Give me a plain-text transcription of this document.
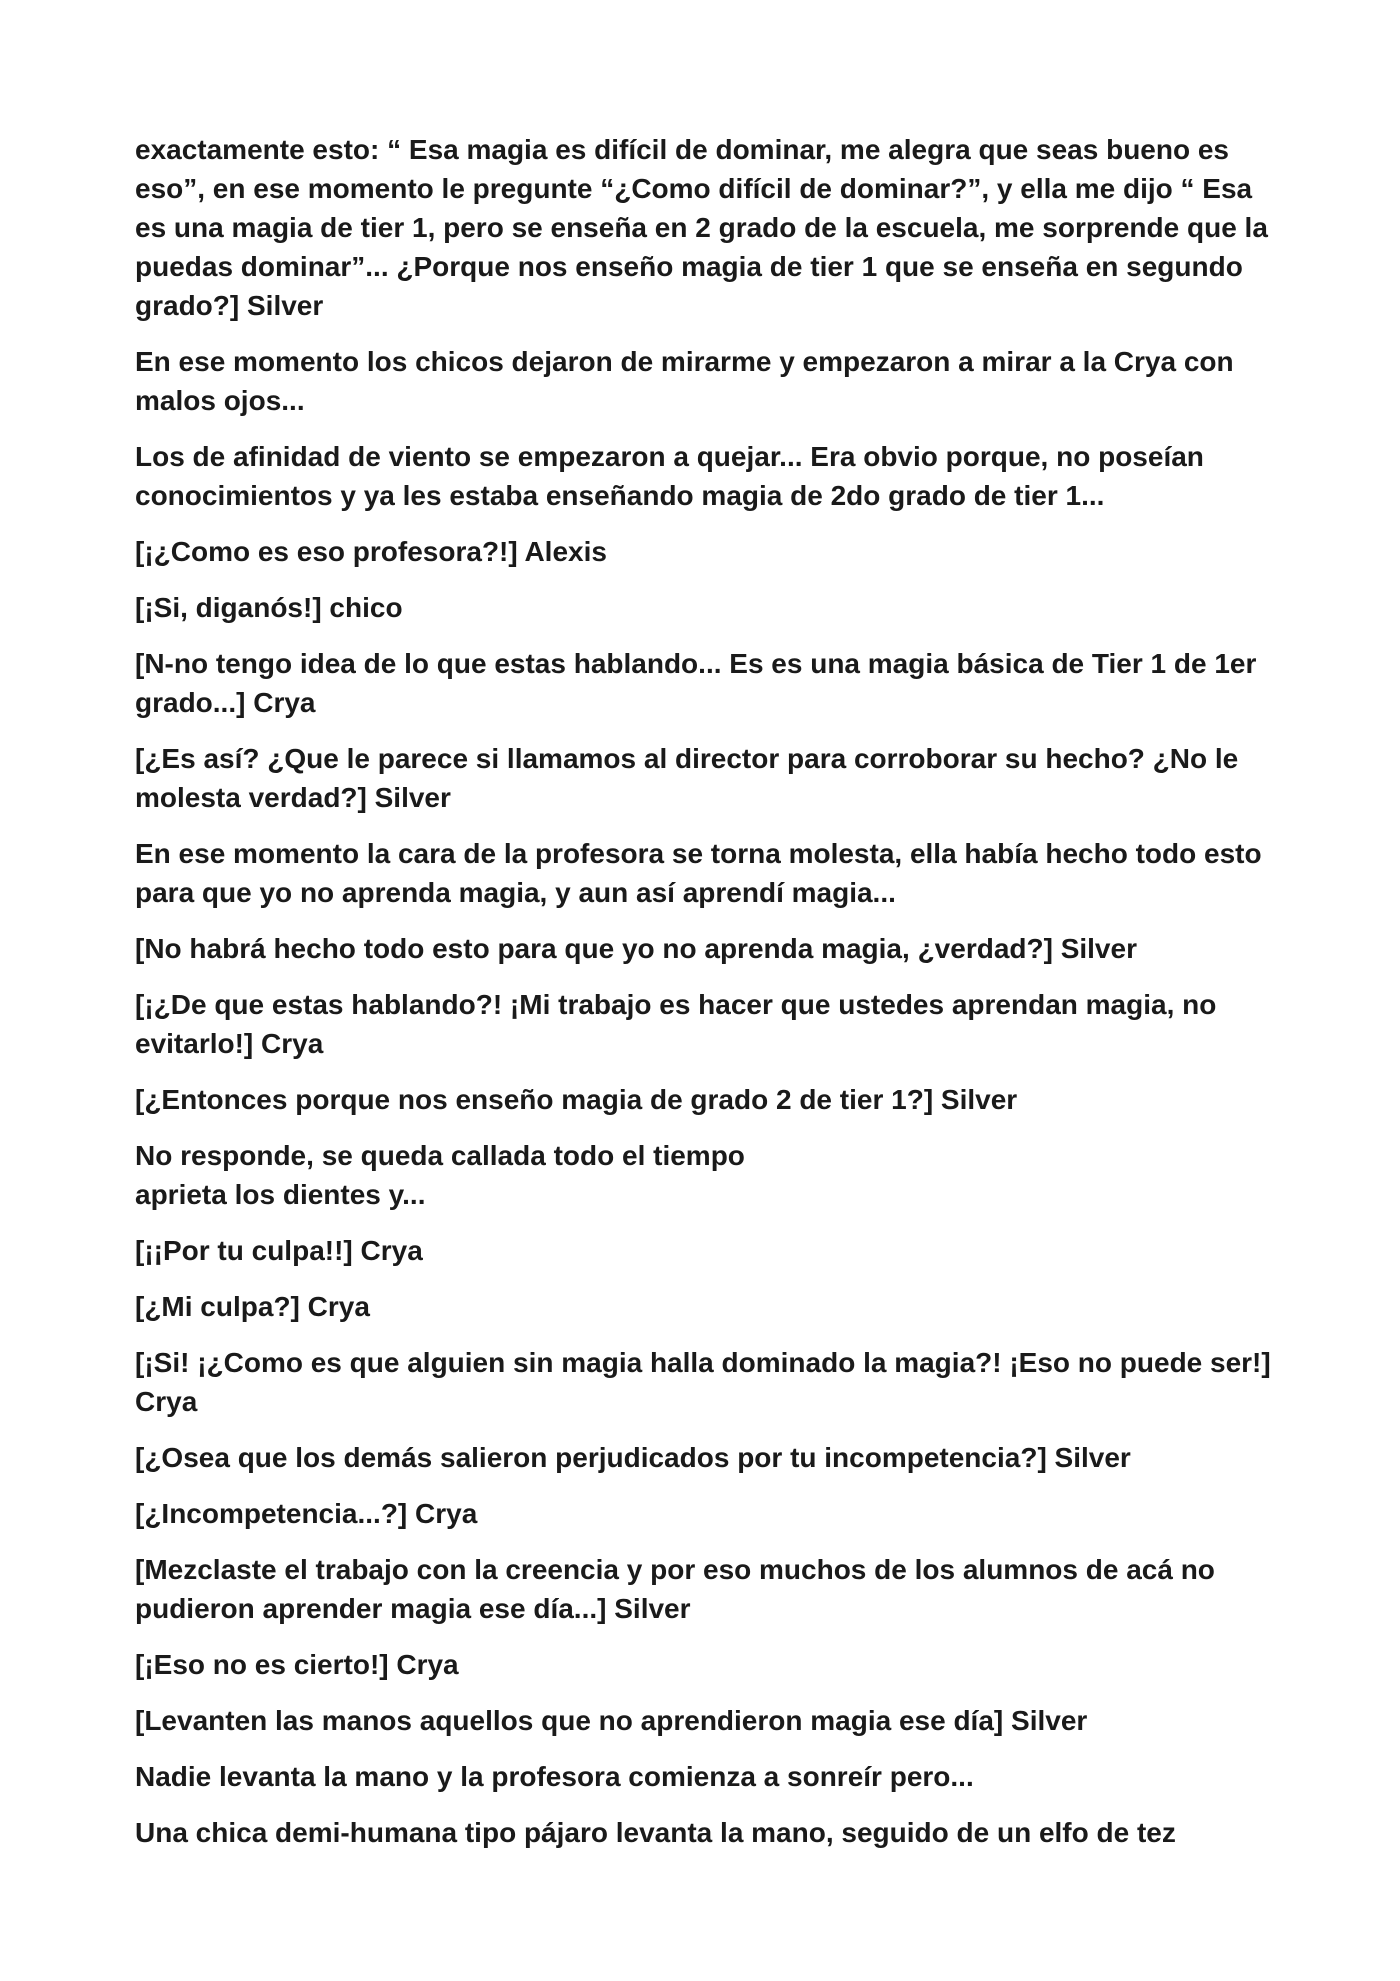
exactamente esto: “ Esa magia es difícil de dominar, me alegra que seas bueno es eso”, en ese momento le pregunte “¿Como difícil de dominar?”, y ella me dijo “ Esa es una magia de tier 1, pero se enseña en 2 grado de la escuela, me sorprende que la puedas dominar”... ¿Porque nos enseño magia de tier 1 que se enseña en segundo grado?] Silver

En ese momento los chicos dejaron de mirarme y empezaron a mirar a la Crya con malos ojos...

Los de afinidad de viento se empezaron a quejar... Era obvio porque, no poseían conocimientos y ya les estaba enseñando magia de 2do grado de tier 1...

[¡¿Como es eso profesora?!] Alexis

[¡Si, diganós!] chico

[N-no tengo idea de lo que estas hablando... Es es una magia básica de Tier 1 de 1er grado...] Crya

[¿Es así? ¿Que le parece si llamamos al director para corroborar su hecho? ¿No le molesta verdad?] Silver

En ese momento la cara de la profesora se torna molesta, ella había hecho todo esto para que yo no aprenda magia, y aun así aprendí magia...

[No habrá hecho todo esto para que yo no aprenda magia, ¿verdad?] Silver

[¡¿De que estas hablando?! ¡Mi trabajo es hacer que ustedes aprendan magia, no evitarlo!] Crya

[¿Entonces porque nos enseño magia de grado 2 de tier 1?] Silver

No responde, se queda callada todo el tiempo
aprieta los dientes y...

[¡¡Por tu culpa!!] Crya

[¿Mi culpa?] Crya

[¡Si! ¡¿Como es que alguien sin magia halla dominado la magia?! ¡Eso no puede ser!] Crya

[¿Osea que los demás salieron perjudicados por tu incompetencia?] Silver

[¿Incompetencia...?] Crya

[Mezclaste el trabajo con la creencia y por eso muchos de los alumnos de acá no pudieron aprender magia ese día...] Silver

[¡Eso no es cierto!] Crya

[Levanten las manos aquellos que no aprendieron magia ese día] Silver

Nadie levanta la mano y la profesora comienza a sonreír pero...

Una chica demi-humana tipo pájaro levanta la mano, seguido de un elfo de tez
